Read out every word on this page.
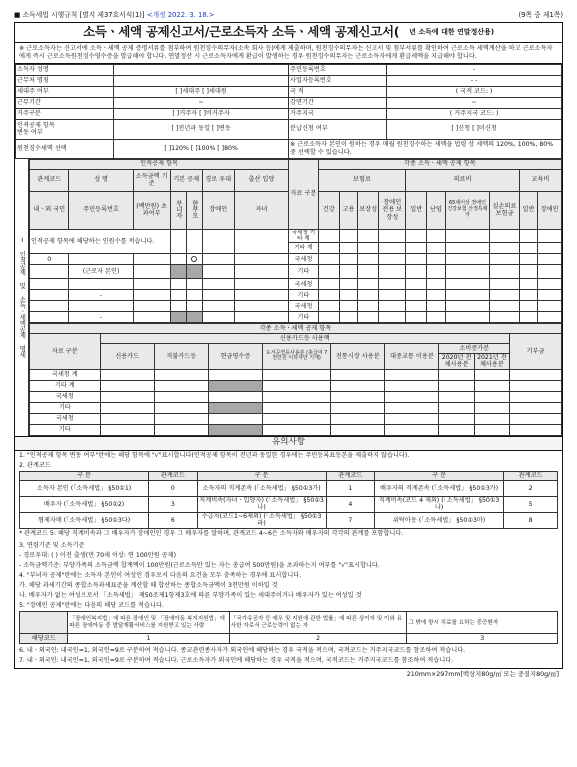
■ 소득세법 시행규칙 [별지 제37호서식(1)] <개정 2022. 3. 18.>	(9쪽 중 제1쪽)
소득ㆍ세액 공제신고서/근로소득자 소득ㆍ세액 공제신고서( 년 소득에 대한 연말정산용)
※ 근로소득자는 신고서에 소득ㆍ세액 공제 증명서류를 첨부하여 원천징수의무자(소속 회사 등)에게 제출하며, 원천징수의무자는 신고서 및 첨부서류를 확인하여 근로소득 세액계산을 하고 근로소득자에게 즉시 근로소득원천징수영수증을 발급해야 합니다. 연말정산 시 근로소득자에게 환급이 발생하는 경우 원천징수의무자는 근로소득자에게 환급세액을 지급해야 합니다.
소득자 성명		주민등록번호	-
근무처 명칭		사업자등록번호	- -
세대주 여부	[ ]세대주 [ ]세대원	국 적	( 국적 코드: )
근무기간	~	감면기간	~
거주구분	[ ]거주자 [ ]비거주자	거주지국	( 거주지국 코드: )
인적공제 항목
변동 여부	[ ]전년과 동일 [ ]변동	분납신청 여부	[ ]신청 [ ]미신청
원천징수세액 선택	[ ]120% [ ]100% [ ]80%	※ 근로소득자 본인이 원하는 경우 매월 원천징수하는 세액을 법령 상 세액의 120%, 100%, 80% 중 선택할 수 있습니다.	
Ⅰ 인적공제 및 소득ㆍ세액공제 명세
인적공제 항목							자료 구분	각종 소득ㆍ세액 공제 항목									
관계코드	성 명	소득금액 기준	기본 공제		경로 우대	출산 입양		보험료				의료비				교육비	
내ㆍ외 국인	주민등록번호	(백만원) 초과여부	부녀자	한부모	장애인	자녀		건강	고용	보장성	장애인 전용 보장성	일반	난임	65세이상 장애인 건강보험 산정특례자	실손의료 보험금	일반	장애인
인적공제 항목에 해당하는 인원수를 적습니다.							국세청 기타 계										
							기타 계										
0							국세청										
	(근로자 본인)						기타										
							국세청										
	-						기타										
							국세청										
	-						기타										
각종 소득ㆍ세액 공제 항목									
자료 구분	신용카드등 사용액								기부금
	신용카드	직불카드등	현금영수증	도서공연등사용분 (총급여 7천만원 이하자만 기재)	전통시장 사용분	대중교통 이용분	소비증가분		
							2020년 전체사용분	2021년 전체사용분	
국세청 계									
기타 계									
국세청									
기타									
국세청									
기타									
유의사항
1. "인적공제 항목 변동 여부"란에는 해당 항목에 "√"표시합니다(인적공제 항목이 전년과 동일한 경우에는 주민등록표등본을 제출하지 않습니다).
2. 관계코드
구 분	관계코드	구 분	관계코드	구 분	관계코드
소득자 본인 (「소득세법」 §50①1)	0	소득자의 직계존속 (「소득세법」 §50①3가)	1	배우자의 직계존속 (「소득세법」 §50①3가)	2
배우자 (「소득세법」 §50①2)	3	직계비속(자녀ㆍ입양자) (「소득세법」 §50①3나)	4	직계비속(코드 4 제외) (「소득세법」 §50①3나)	5
형제자매 (「소득세법」 §50①3다)	6	수급자(코드1~6제외) (「소득세법」 §50①3라)	7	위탁아동 (「소득세법」 §50①3마)	8
* 관계코드 5: 해당 직계비속과 그 배우자가 장애인인 경우 그 배우자를 말하며, 관계코드 4~6은 소득자와 배우자의 각각의 관계를 포함합니다.
3. 연령기준 및 소득기준
- 경로우대: ( ) 이전 출생(만 70세 이상: 연 100만원 공제)
- 소득금액기준: 부양가족의 소득금액 합계액이 100만원(근로소득만 있는 자는 총급여 500만원)을 초과하는지 여부를 "√"표시합니다.
4. "부녀자 공제"란에는 소득자 본인이 여성인 경우로서 다음의 요건을 모두 충족하는 경우에 표시합니다.
가. 해당 과세기간의 종합소득과세표준을 계산할 때 합산하는 종합소득금액이 3천만원 이하일 것
나. 배우자가 없는 여성으로서 「소득세법」 제50조제1항제3호에 따른 부양가족이 있는 세대주이거나 배우자가 있는 여성일 것
5. "장애인 공제"란에는 다음의 해당 코드를 적습니다.
	「장애인복지법」에 따른 장애인 및 「장애아동 복지지원법」에 따른 장애아동 중 발달재활서비스를 지원받고 있는 사람	「국가유공자 등 예우 및 지원에 관한 법률」에 따른 상이자 및 이와 유사한 자로서 근로능력이 없는 자	그 밖에 항시 치료를 요하는 중증환자
해당코드	1	2	3
6. 내ㆍ외국인: 내국인=1, 외국인=9로 구분하여 적습니다. 종교관련종사자가 외국인에 해당하는 경우 국적을 적으며, 국적코드는 거주지국코드를 참조하여 적습니다.
7. 내ㆍ외국인: 내국인=1, 외국인=9로 구분하여 적습니다. 근로소득자가 외국인에 해당하는 경우 국적을 적으며, 국적코드는 거주지국코드를 참조하여 적습니다.
210mm×297mm[백상지80g/㎡ 또는 중질지80g/㎡]
